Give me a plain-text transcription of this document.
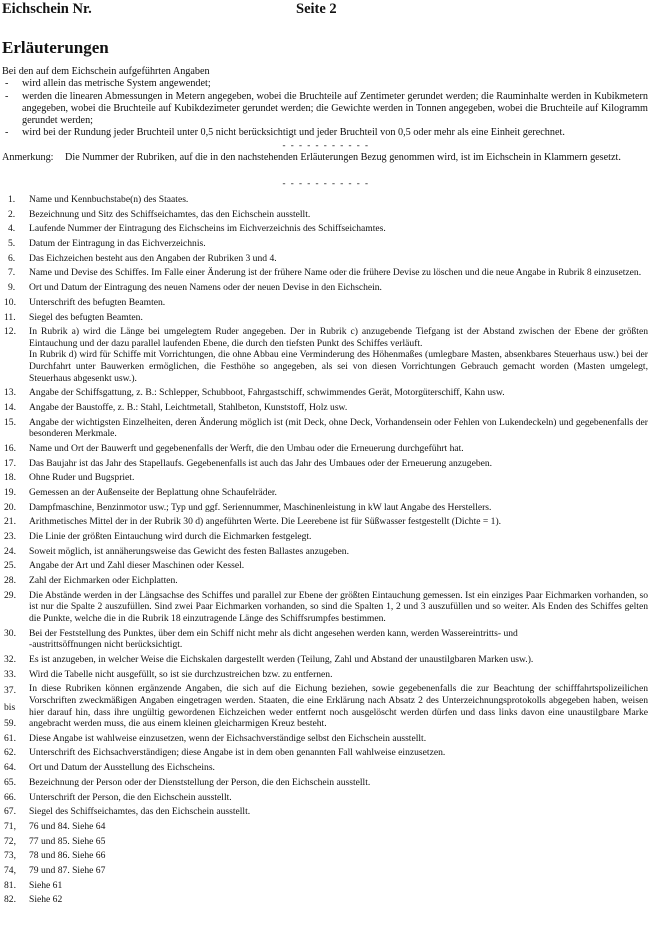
Eichschein Nr.	Seite 2
Erläuterungen
Bei den auf dem Eichschein aufgeführten Angaben
- wird allein das metrische System angewendet;
- werden die linearen Abmessungen in Metern angegeben, wobei die Bruchteile auf Zentimeter gerundet werden; die Rauminhalte werden in Kubikmetern angegeben, wobei die Bruchteile auf Kubikdezimeter gerundet werden; die Gewichte werden in Tonnen angegeben, wobei die Bruchteile auf Kilogramm gerundet werden;
- wird bei der Rundung jeder Bruchteil unter 0,5 nicht berücksichtigt und jeder Bruchteil von 0,5 oder mehr als eine Einheit gerechnet.
- - - - - - - - - - -
Anmerkung: Die Nummer der Rubriken, auf die in den nachstehenden Erläuterungen Bezug genommen wird, ist im Eichschein in Klammern gesetzt.
- - - - - - - - - - -
1. Name und Kennbuchstabe(n) des Staates.
2. Bezeichnung und Sitz des Schiffseichamtes, das den Eichschein ausstellt.
4. Laufende Nummer der Eintragung des Eichscheins im Eichverzeichnis des Schiffseichamtes.
5. Datum der Eintragung in das Eichverzeichnis.
6. Das Eichzeichen besteht aus den Angaben der Rubriken 3 und 4.
7. Name und Devise des Schiffes. Im Falle einer Änderung ist der frühere Name oder die frühere Devise zu löschen und die neue Angabe in Rubrik 8 einzusetzen.
9. Ort und Datum der Eintragung des neuen Namens oder der neuen Devise in den Eichschein.
10. Unterschrift des befugten Beamten.
11. Siegel des befugten Beamten.
12. In Rubrik a) wird die Länge bei umgelegtem Ruder angegeben. Der in Rubrik c) anzugebende Tiefgang ist der Abstand zwischen der Ebene der größten Eintauchung und der dazu parallel laufenden Ebene, die durch den tiefsten Punkt des Schiffes verläuft.
In Rubrik d) wird für Schiffe mit Vorrichtungen, die ohne Abbau eine Verminderung des Höhenmaßes (umlegbare Masten, absenkbares Steuerhaus usw.) bei der Durchfahrt unter Bauwerken ermöglichen, die Festhöhe so angegeben, als sei von diesen Vorrichtungen Gebrauch gemacht worden (Masten umgelegt, Steuerhaus abgesenkt usw.).
13. Angabe der Schiffsgattung, z. B.: Schlepper, Schubboot, Fahrgastschiff, schwimmendes Gerät, Motorgüterschiff, Kahn usw.
14. Angabe der Baustoffe, z. B.: Stahl, Leichtmetall, Stahlbeton, Kunststoff, Holz usw.
15. Angabe der wichtigsten Einzelheiten, deren Änderung möglich ist (mit Deck, ohne Deck, Vorhandensein oder Fehlen von Lukendeckeln) und gegebenenfalls der besonderen Merkmale.
16. Name und Ort der Bauwerft und gegebenenfalls der Werft, die den Umbau oder die Erneuerung durchgeführt hat.
17. Das Baujahr ist das Jahr des Stapellaufs. Gegebenenfalls ist auch das Jahr des Umbaues oder der Erneuerung anzugeben.
18. Ohne Ruder und Bugspriet.
19. Gemessen an der Außenseite der Beplattung ohne Schaufelräder.
20. Dampfmaschine, Benzinmotor usw.; Typ und ggf. Seriennummer, Maschinenleistung in kW laut Angabe des Herstellers.
21. Arithmetisches Mittel der in der Rubrik 30 d) angeführten Werte. Die Leerebene ist für Süßwasser festgestellt (Dichte = 1).
23. Die Linie der größten Eintauchung wird durch die Eichmarken festgelegt.
24. Soweit möglich, ist annäherungsweise das Gewicht des festen Ballastes anzugeben.
25. Angabe der Art und Zahl dieser Maschinen oder Kessel.
28. Zahl der Eichmarken oder Eichplatten.
29. Die Abstände werden in der Längsachse des Schiffes und parallel zur Ebene der größten Eintauchung gemessen. Ist ein einziges Paar Eichmarken vorhanden, so ist nur die Spalte 2 auszufüllen. Sind zwei Paar Eichmarken vorhanden, so sind die Spalten 1, 2 und 3 auszufüllen und so weiter. Als Enden des Schiffes gelten die Punkte, welche die in die Rubrik 18 einzutragende Länge des Schiffsrumpfes bestimmen.
30. Bei der Feststellung des Punktes, über dem ein Schiff nicht mehr als dicht angesehen werden kann, werden Wassereintritts- und
-austrittsöffnungen nicht berücksichtigt.
32. Es ist anzugeben, in welcher Weise die Eichskalen dargestellt werden (Teilung, Zahl und Abstand der unaustilgbaren Marken usw.).
33. Wird die Tabelle nicht ausgefüllt, so ist sie durchzustreichen bzw. zu entfernen.
37.
bis
59.
In diese Rubriken können ergänzende Angaben, die sich auf die Eichung beziehen, sowie gegebenenfalls die zur Beachtung der schifffahrtspolizeilichen Vorschriften zweckmäßigen Angaben eingetragen werden. Staaten, die eine Erklärung nach Absatz 2 des Unterzeichnungsprotokolls abgegeben haben, weisen hier darauf hin, dass ihre ungültig gewordenen Eichzeichen weder entfernt noch ausgelöscht werden dürfen und dass links davon eine unaustilgbare Marke angebracht werden muss, die aus einem kleinen gleicharmigen Kreuz besteht.
61. Diese Angabe ist wahlweise einzusetzen, wenn der Eichsachverständige selbst den Eichschein ausstellt.
62. Unterschrift des Eichsachverständigen; diese Angabe ist in dem oben genannten Fall wahlweise einzusetzen.
64. Ort und Datum der Ausstellung des Eichscheins.
65. Bezeichnung der Person oder der Dienststellung der Person, die den Eichschein ausstellt.
66. Unterschrift der Person, die den Eichschein ausstellt.
67. Siegel des Schiffseichamtes, das den Eichschein ausstellt.
71, 76 und 84. Siehe 64
72, 77 und 85. Siehe 65
73, 78 und 86. Siehe 66
74, 79 und 87. Siehe 67
81. Siehe 61
82. Siehe 62
